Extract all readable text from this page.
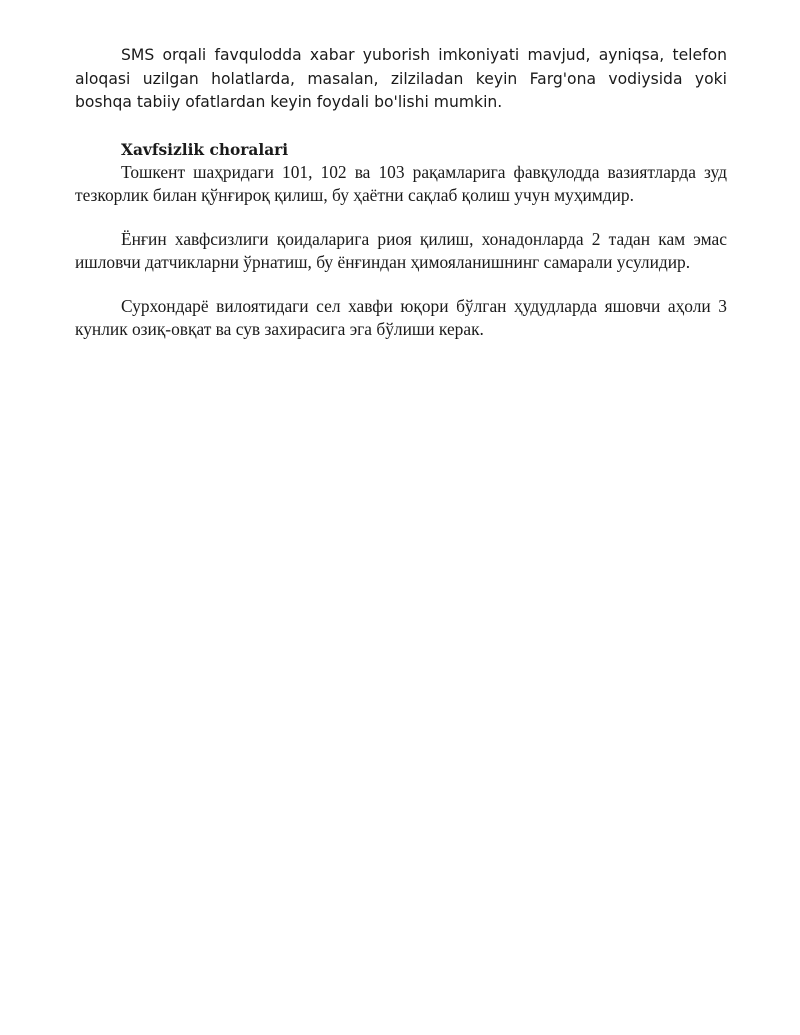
SMS orqali favqulodda xabar yuborish imkoniyati mavjud, ayniqsa, telefon aloqasi uzilgan holatlarda, masalan, zilziladan keyin Farg'ona vodiysida yoki boshqa tabiiy ofatlardan keyin foydali bo'lishi mumkin.

Xavfsizlik choralari

Тошкент шаҳридаги 101, 102 ва 103 рақамларига фавқулодда вазиятларда зуд тезкорлик билан қўнғироқ қилиш, бу ҳаётни сақлаб қолиш учун муҳимдир.

Ёнғин хавфсизлиги қоидаларига риоя қилиш, хонадонларда 2 тадан кам эмас ишловчи датчикларни ўрнатиш, бу ёнғиндан ҳимояланишнинг самарали усулидир.

Сурхондарё вилоятидаги сел хавфи юқори бўлган ҳудудларда яшовчи аҳоли 3 кунлик озиқ-овқат ва сув захирасига эга бўлиши керак.
